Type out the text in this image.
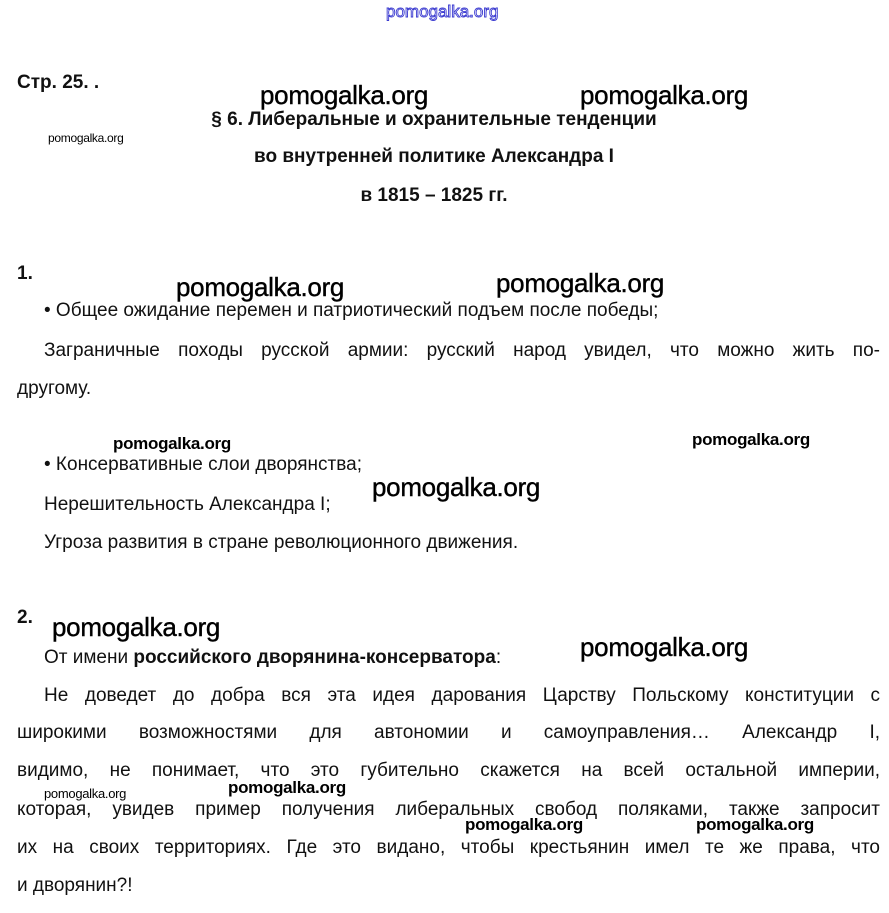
pomogalka.org
Стр. 25. .
§ 6. Либеральные и охранительные тенденции
во внутренней политике Александра I
в 1815 – 1825 гг.
1.
• Общее ожидание перемен и патриотический подъем после победы;
Заграничные походы русской армии: русский народ увидел, что можно жить по-
другому.
• Консервативные слои дворянства;
Нерешительность Александра I;
Угроза развития в стране революционного движения.
2.
От имени российского дворянина-консерватора:
Не доведет до добра вся эта идея дарования Царству Польскому конституции с
широкими возможностями для автономии и самоуправления… Александр I,
видимо, не понимает, что это губительно скажется на всей остальной империи,
которая, увидев пример получения либеральных свобод поляками, также запросит
их на своих территориях. Где это видано, чтобы крестьянин имел те же права, что
и дворянин?!
pomogalka.org	pomogalka.org
pomogalka.org
pomogalka.org	pomogalka.org
pomogalka.org	pomogalka.org
pomogalka.org
pomogalka.org
pomogalka.org
pomogalka.org
pomogalka.org
pomogalka.org	pomogalka.org
